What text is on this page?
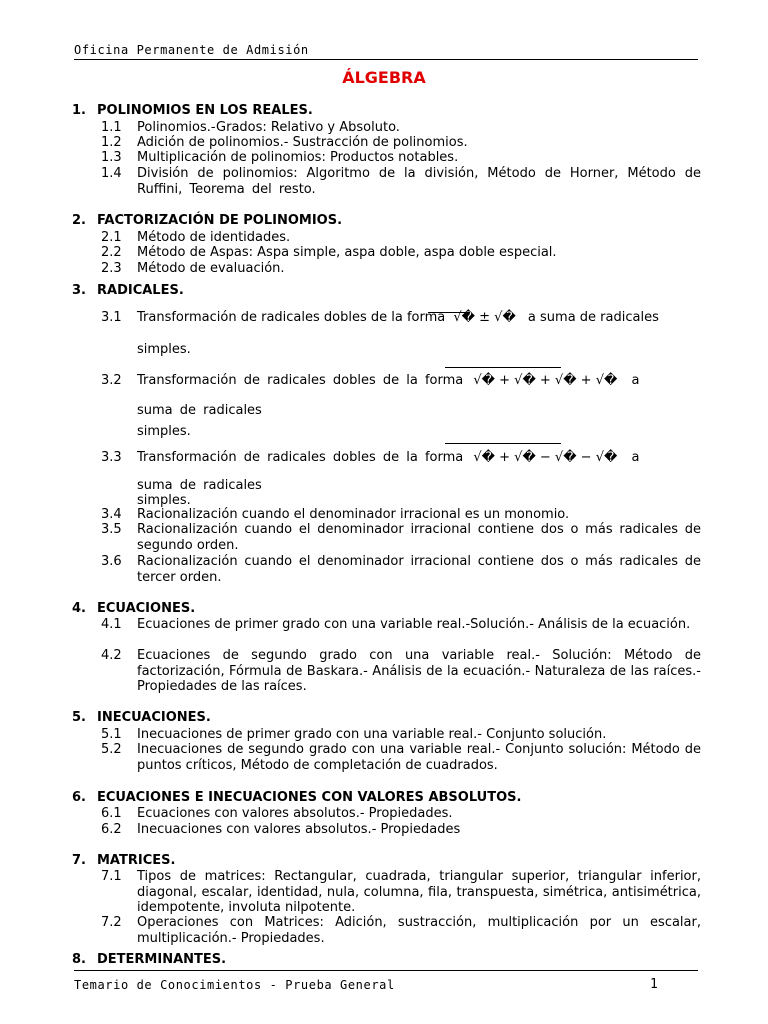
Oficina Permanente de Admisión
ÁLGEBRA
1. POLINOMIOS EN LOS REALES.
1.1 Polinomios.-Grados: Relativo y Absoluto.
1.2 Adición de polinomios.- Sustracción de polinomios.
1.3 Multiplicación de polinomios: Productos notables.
1.4 División de polinomios: Algoritmo de la división, Método de Horner, Método de Ruffini, Teorema del resto.
2. FACTORIZACIÓN DE POLINOMIOS.
2.1 Método de identidades.
2.2 Método de Aspas: Aspa simple, aspa doble, aspa doble especial.
2.3 Método de evaluación.
3. RADICALES.
3.1 Transformación de radicales dobles de la forma √� ± √� a suma de radicales
simples.
3.2 Transformación de radicales dobles de la forma √� + √� + √� + √� a
suma de radicales
simples.
3.3 Transformación de radicales dobles de la forma √� + √� − √� − √� a
suma de radicales
simples.
3.4 Racionalización cuando el denominador irracional es un monomio.
3.5 Racionalización cuando el denominador irracional contiene dos o más radicales de segundo orden.
3.6 Racionalización cuando el denominador irracional contiene dos o más radicales de tercer orden.
4. ECUACIONES.
4.1 Ecuaciones de primer grado con una variable real.-Solución.- Análisis de la ecuación.
4.2 Ecuaciones de segundo grado con una variable real.- Solución: Método de factorización, Fórmula de Baskara.- Análisis de la ecuación.- Naturaleza de las raíces.- Propiedades de las raíces.
5. INECUACIONES.
5.1 Inecuaciones de primer grado con una variable real.- Conjunto solución.
5.2 Inecuaciones de segundo grado con una variable real.- Conjunto solución: Método de puntos críticos, Método de completación de cuadrados.
6. ECUACIONES E INECUACIONES CON VALORES ABSOLUTOS.
6.1 Ecuaciones con valores absolutos.- Propiedades.
6.2 Inecuaciones con valores absolutos.- Propiedades
7. MATRICES.
7.1 Tipos de matrices: Rectangular, cuadrada, triangular superior, triangular inferior, diagonal, escalar, identidad, nula, columna, fila, transpuesta, simétrica, antisimétrica, idempotente, involuta nilpotente.
7.2 Operaciones con Matrices: Adición, sustracción, multiplicación por un escalar, multiplicación.- Propiedades.
8. DETERMINANTES.
Temario de Conocimientos - Prueba General	1
